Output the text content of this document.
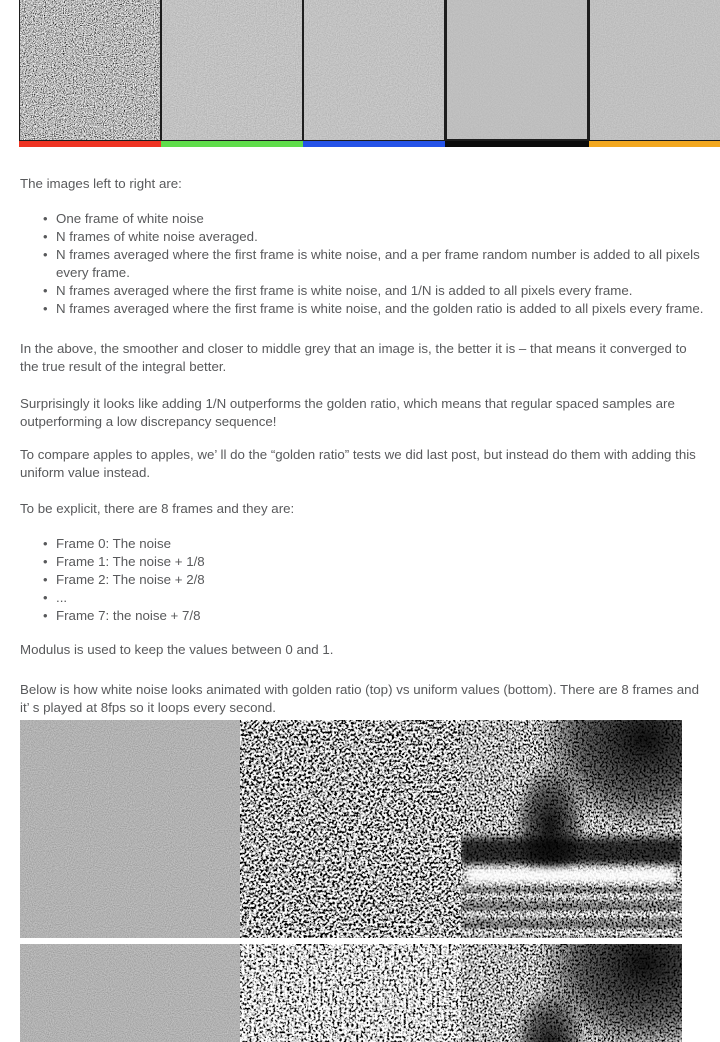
The images left to right are:

• One frame of white noise
• N frames of white noise averaged.
• N frames averaged where the first frame is white noise, and a per frame random number is added to all pixels every frame.
• N frames averaged where the first frame is white noise, and 1/N is added to all pixels every frame.
• N frames averaged where the first frame is white noise, and the golden ratio is added to all pixels every frame.

In the above, the smoother and closer to middle grey that an image is, the better it is – that means it converged to the true result of the integral better.

Surprisingly it looks like adding 1/N outperforms the golden ratio, which means that regular spaced samples are outperforming a low discrepancy sequence!

To compare apples to apples, we’ ll do the “golden ratio” tests we did last post, but instead do them with adding this uniform value instead.

To be explicit, there are 8 frames and they are:

• Frame 0: The noise
• Frame 1: The noise + 1/8
• Frame 2: The noise + 2/8
• ...
• Frame 7: the noise + 7/8

Modulus is used to keep the values between 0 and 1.

Below is how white noise looks animated with golden ratio (top) vs uniform values (bottom). There are 8 frames and it’ s played at 8fps so it loops every second.
